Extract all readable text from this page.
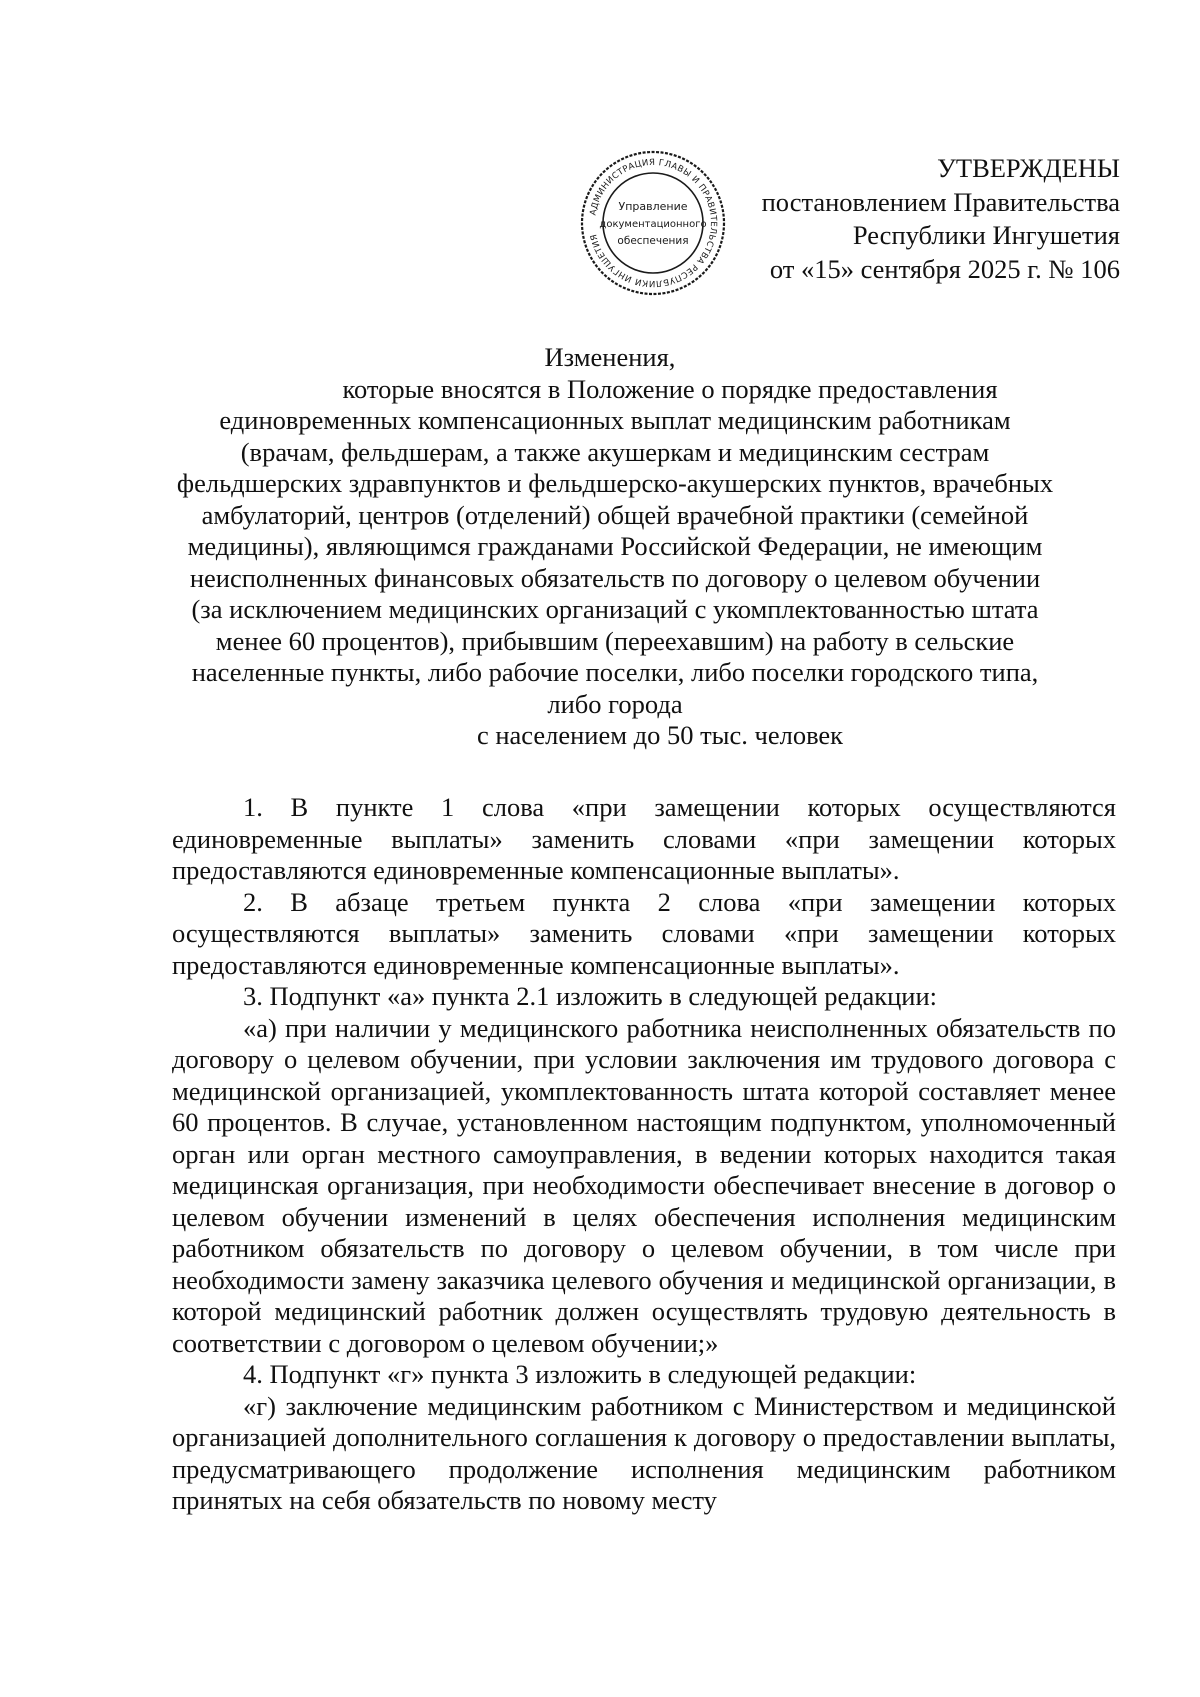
УТВЕРЖДЕНЫ
постановлением Правительства
Республики Ингушетия
от «15» сентября 2025 г. № 106
АДМИНИСТРАЦИЯ ГЛАВЫ И ПРАВИТЕЛЬСТВА РЕСПУБЛИКИ ИНГУШЕТИЯ
Управление
документационного
обеспечения
Изменения,
которые вносятся в Положение о порядке предоставления
единовременных компенсационных выплат медицинским работникам
(врачам, фельдшерам, а также акушеркам и медицинским сестрам
фельдшерских здравпунктов и фельдшерско-акушерских пунктов, врачебных
амбулаторий, центров (отделений) общей врачебной практики (семейной
медицины), являющимся гражданами Российской Федерации, не имеющим
неисполненных финансовых обязательств по договору о целевом обучении
(за исключением медицинских организаций с укомплектованностью штата
менее 60 процентов), прибывшим (переехавшим) на работу в сельские
населенные пункты, либо рабочие поселки, либо поселки городского типа,
либо города
с населением до 50 тыс. человек

1. В пункте 1 слова «при замещении которых осуществляются единовременные выплаты» заменить словами «при замещении которых предоставляются единовременные компенсационные выплаты».

2. В абзаце третьем пункта 2 слова «при замещении которых осуществляются выплаты» заменить словами «при замещении которых предоставляются единовременные компенсационные выплаты».

3. Подпункт «а» пункта 2.1 изложить в следующей редакции:

«а) при наличии у медицинского работника неисполненных обязательств по договору о целевом обучении, при условии заключения им трудового договора с медицинской организацией, укомплектованность штата которой составляет менее 60 процентов. В случае, установленном настоящим подпунктом, уполномоченный орган или орган местного самоуправления, в ведении которых находится такая медицинская организация, при необходимости обеспечивает внесение в договор о целевом обучении изменений в целях обеспечения исполнения медицинским работником обязательств по договору о целевом обучении, в том числе при необходимости замену заказчика целевого обучения и медицинской организации, в которой медицинский работник должен осуществлять трудовую деятельность в соответствии с договором о целевом обучении;»

4. Подпункт «г» пункта 3 изложить в следующей редакции:

«г) заключение медицинским работником с Министерством и медицинской организацией дополнительного соглашения к договору о предоставлении выплаты, предусматривающего продолжение исполнения медицинским работником принятых на себя обязательств по новому месту
